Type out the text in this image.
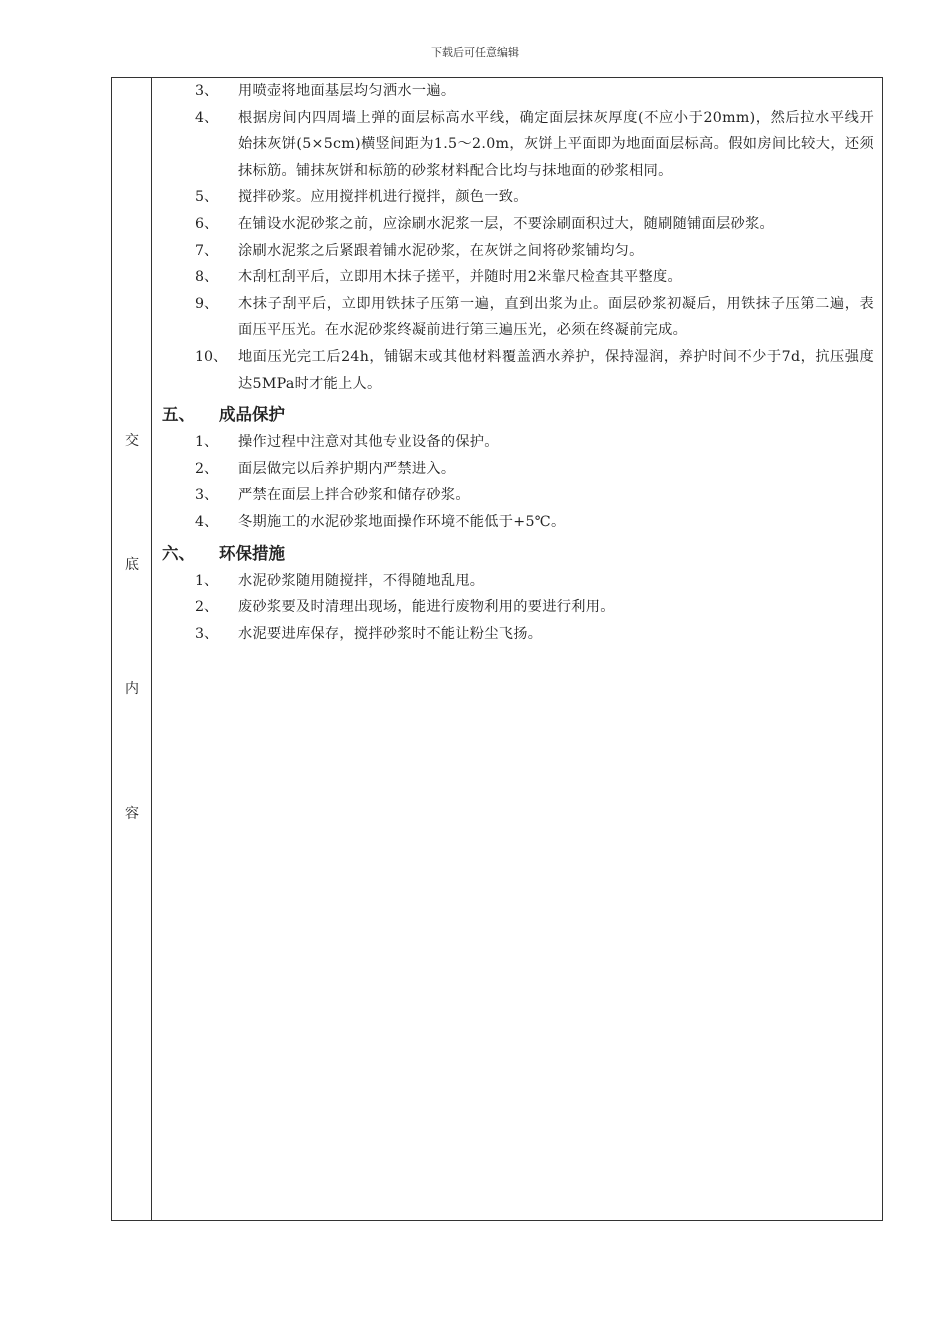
下载后可任意编辑
交
底
内
容
3、	用喷壶将地面基层均匀洒水一遍。
4、	根据房间内四周墙上弹的面层标高水平线，确定面层抹灰厚度(不应小于20mm)，然后拉水平线开始抹灰饼(5×5cm)横竖间距为1.5～2.0m，灰饼上平面即为地面面层标高。假如房间比较大，还须抹标筋。铺抹灰饼和标筋的砂浆材料配合比均与抹地面的砂浆相同。
5、	搅拌砂浆。应用搅拌机进行搅拌，颜色一致。
6、	在铺设水泥砂浆之前，应涂刷水泥浆一层，不要涂刷面积过大，随刷随铺面层砂浆。
7、	涂刷水泥浆之后紧跟着铺水泥砂浆，在灰饼之间将砂浆铺均匀。
8、	木刮杠刮平后，立即用木抹子搓平，并随时用2米靠尺检查其平整度。
9、	木抹子刮平后，立即用铁抹子压第一遍，直到出浆为止。面层砂浆初凝后，用铁抹子压第二遍，表面压平压光。在水泥砂浆终凝前进行第三遍压光，必须在终凝前完成。
10、 地面压光完工后24h，铺锯末或其他材料覆盖洒水养护，保持湿润，养护时间不少于7d，抗压强度达5MPa时才能上人。
五、	成品保护
1、	操作过程中注意对其他专业设备的保护。
2、	面层做完以后养护期内严禁进入。
3、	严禁在面层上拌合砂浆和储存砂浆。
4、	冬期施工的水泥砂浆地面操作环境不能低于+5℃。
六、	环保措施
1、	水泥砂浆随用随搅拌，不得随地乱甩。
2、	废砂浆要及时清理出现场，能进行废物利用的要进行利用。
3、	水泥要进库保存，搅拌砂浆时不能让粉尘飞扬。
